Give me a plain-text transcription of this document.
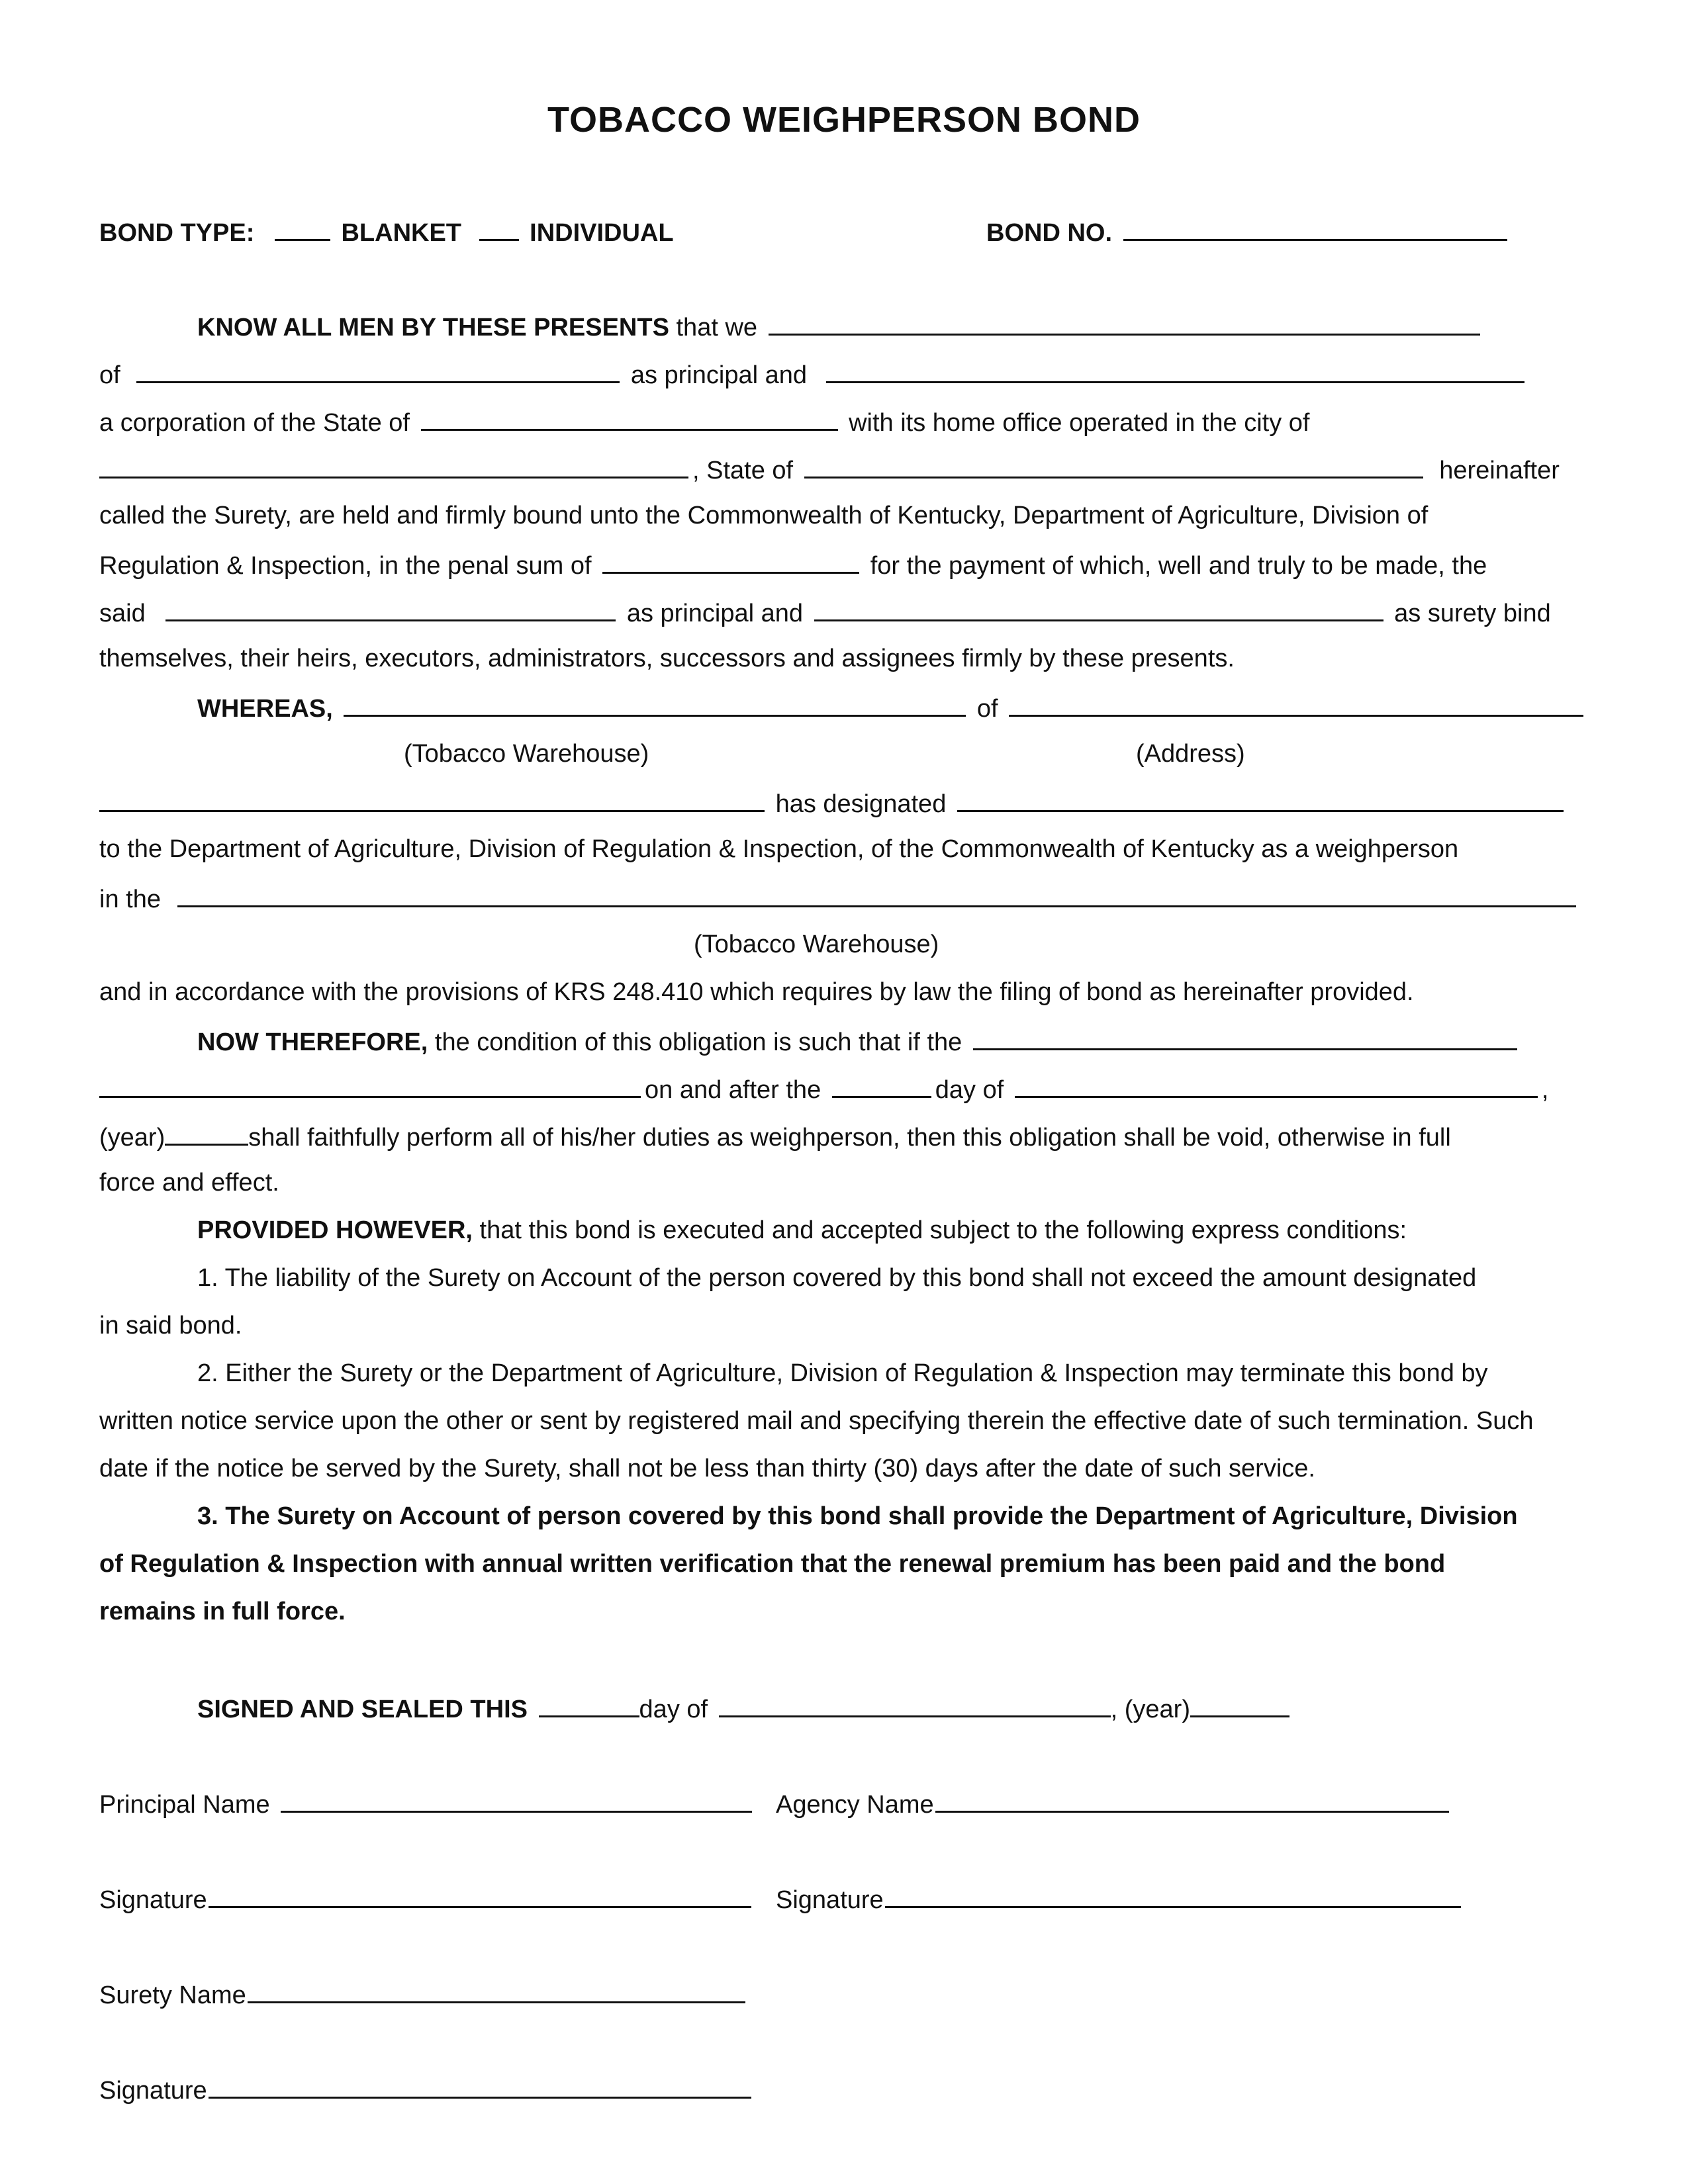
TOBACCO WEIGHPERSON BOND
BOND TYPE:	BLANKET	INDIVIDUAL	BOND NO.
KNOW ALL MEN BY THESE PRESENTS that we
of	as principal and
a corporation of the State of	with its home office operated in the city of
, State of	hereinafter
called the Surety, are held and firmly bound unto the Commonwealth of Kentucky, Department of Agriculture, Division of
Regulation & Inspection, in the penal sum of	for the payment of which, well and truly to be made, the
said	as principal and	as surety bind
themselves, their heirs, executors, administrators, successors and assignees firmly by these presents.
WHEREAS,	of
(Tobacco Warehouse)	(Address)
has designated
to the Department of Agriculture, Division of Regulation & Inspection, of the Commonwealth of Kentucky as a weighperson
in the
(Tobacco Warehouse)
and in accordance with the provisions of KRS 248.410 which requires by law the filing of bond as hereinafter provided.
NOW THEREFORE, the condition of this obligation is such that if the
on and after the	day of	,
(year)	shall faithfully perform all of his/her duties as weighperson, then this obligation shall be void, otherwise in full
force and effect.
PROVIDED HOWEVER, that this bond is executed and accepted subject to the following express conditions:
1. The liability of the Surety on Account of the person covered by this bond shall not exceed the amount designated
in said bond.
2. Either the Surety or the Department of Agriculture, Division of Regulation & Inspection may terminate this bond by
written notice service upon the other or sent by registered mail and specifying therein the effective date of such termination. Such
date if the notice be served by the Surety, shall not be less than thirty (30) days after the date of such service.
3. The Surety on Account of person covered by this bond shall provide the Department of Agriculture, Division
of Regulation & Inspection with annual written verification that the renewal premium has been paid and the bond
remains in full force.
SIGNED AND SEALED THIS	day of	, (year)
Principal Name	Agency Name
Signature	Signature
Surety Name
Signature
